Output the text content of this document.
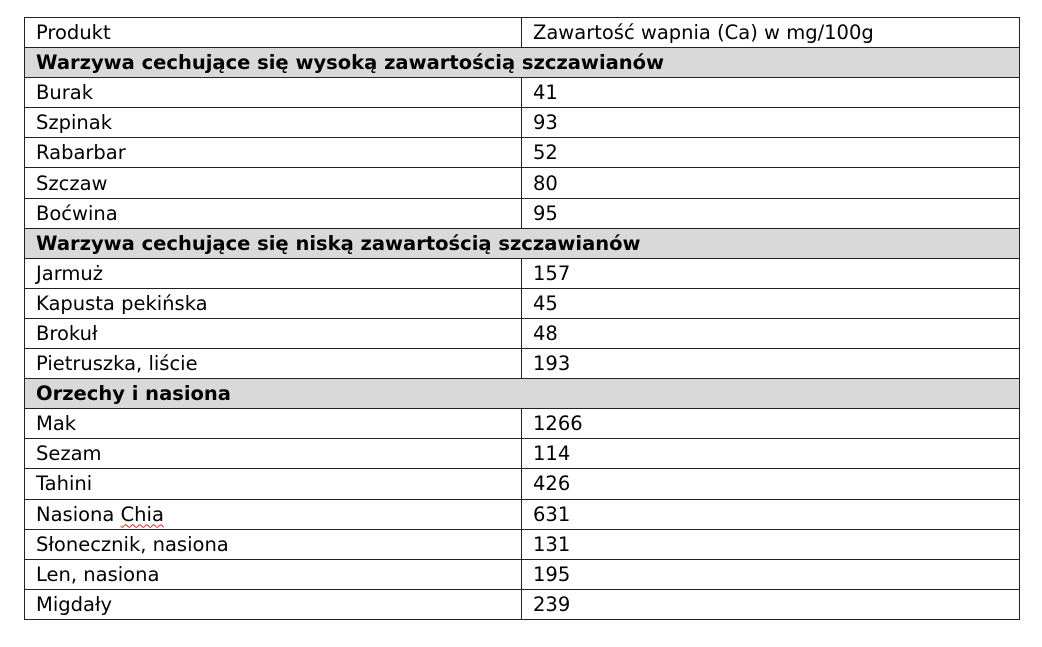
Produkt	Zawartość wapnia (Ca) w mg/100g
Warzywa cechujące się wysoką zawartością szczawianów	
Burak	41
Szpinak	93
Rabarbar	52
Szczaw	80
Boćwina	95
Warzywa cechujące się niską zawartością szczawianów	
Jarmuż	157
Kapusta pekińska	45
Brokuł	48
Pietruszka, liście	193
Orzechy i nasiona	
Mak	1266
Sezam	114
Tahini	426
Nasiona Chia	631
Słonecznik, nasiona	131
Len, nasiona	195
Migdały	239
